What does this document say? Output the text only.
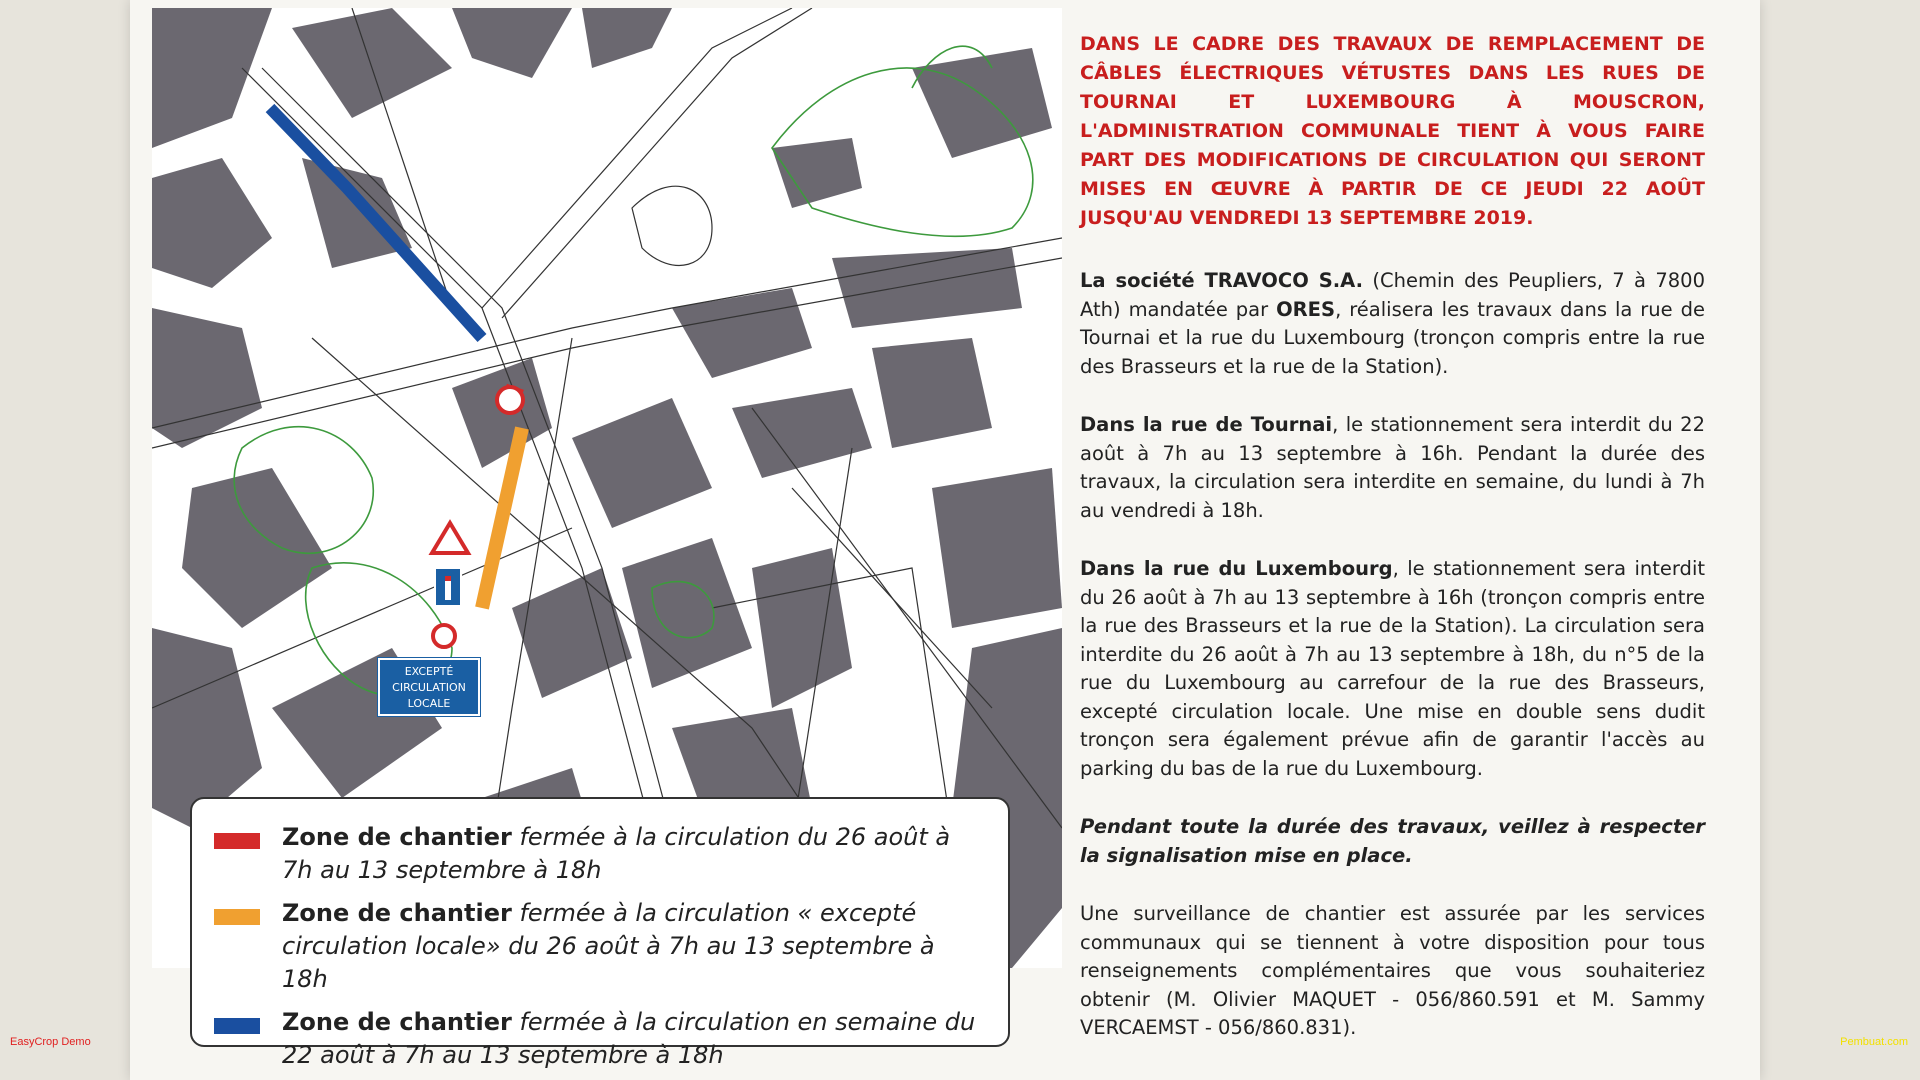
EXCEPTÉ
CIRCULATION
LOCALE
Zone de chantier fermée à la circulation du 26 août à 7h au 13 septembre à 18h
Zone de chantier fermée à la circulation « excepté circulation locale» du 26 août à 7h au 13 septembre à 18h
Zone de chantier fermée à la circulation en semaine du 22 août à 7h au 13 septembre à 18h

DANS LE CADRE DES TRAVAUX DE REMPLACEMENT DE CÂBLES ÉLECTRIQUES VÉTUSTES DANS LES RUES DE TOURNAI ET LUXEMBOURG À MOUSCRON, L'ADMINISTRATION COMMUNALE TIENT À VOUS FAIRE PART DES MODIFICATIONS DE CIRCULATION QUI SERONT MISES EN ŒUVRE À PARTIR DE CE JEUDI 22 AOÛT JUSQU'AU VENDREDI 13 SEPTEMBRE 2019.

La société TRAVOCO S.A. (Chemin des Peupliers, 7 à 7800 Ath) mandatée par ORES, réalisera les travaux dans la rue de Tournai et la rue du Luxembourg (tronçon compris entre la rue des Brasseurs et la rue de la Station).

Dans la rue de Tournai, le stationnement sera interdit du 22 août à 7h au 13 septembre à 16h. Pendant la durée des travaux, la circulation sera interdite en semaine, du lundi à 7h au vendredi à 18h.

Dans la rue du Luxembourg, le stationnement sera interdit du 26 août à 7h au 13 septembre à 16h (tronçon compris entre la rue des Brasseurs et la rue de la Station). La circulation sera interdite du 26 août à 7h au 13 septembre à 18h, du n°5 de la rue du Luxembourg au carrefour de la rue des Brasseurs, excepté circulation locale. Une mise en double sens dudit tronçon sera également prévue afin de garantir l'accès au parking du bas de la rue du Luxembourg.

Pendant toute la durée des travaux, veillez à respecter la signalisation mise en place.

Une surveillance de chantier est assurée par les services communaux qui se tiennent à votre disposition pour tous renseignements complémentaires que vous souhaiteriez obtenir (M. Olivier MAQUET - 056/860.591 et M. Sammy VERCAEMST - 056/860.831).

EasyCrop Demo	Pembuat.com
